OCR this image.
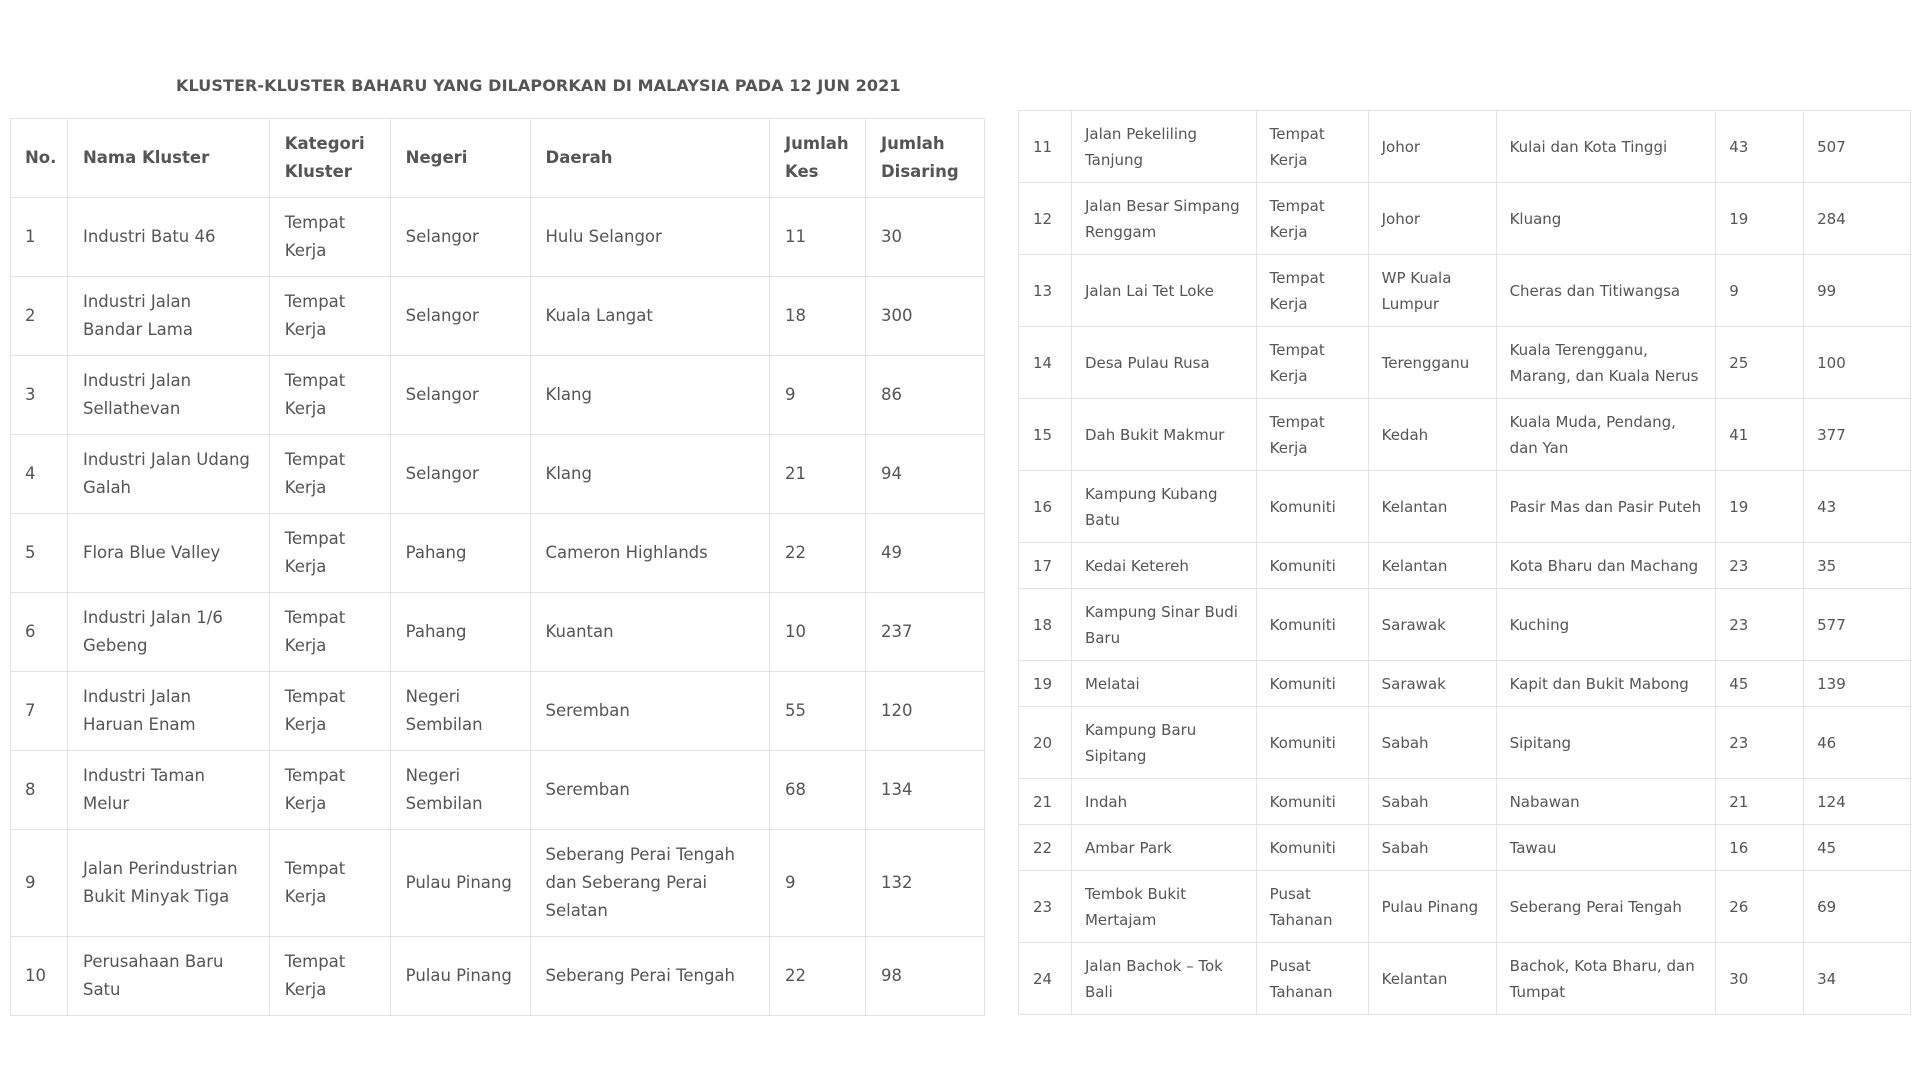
KLUSTER-KLUSTER BAHARU YANG DILAPORKAN DI MALAYSIA PADA 12 JUN 2021
No.	Nama Kluster	Kategori Kluster	Negeri	Daerah	Jumlah Kes	Jumlah Disaring
1	Industri Batu 46	Tempat Kerja	Selangor	Hulu Selangor	11	30
2	Industri Jalan Bandar Lama	Tempat Kerja	Selangor	Kuala Langat	18	300
3	Industri Jalan Sellathevan	Tempat Kerja	Selangor	Klang	9	86
4	Industri Jalan Udang Galah	Tempat Kerja	Selangor	Klang	21	94
5	Flora Blue Valley	Tempat Kerja	Pahang	Cameron Highlands	22	49
6	Industri Jalan 1/6 Gebeng	Tempat Kerja	Pahang	Kuantan	10	237
7	Industri Jalan Haruan Enam	Tempat Kerja	Negeri Sembilan	Seremban	55	120
8	Industri Taman Melur	Tempat Kerja	Negeri Sembilan	Seremban	68	134
9	Jalan Perindustrian Bukit Minyak Tiga	Tempat Kerja	Pulau Pinang	Seberang Perai Tengah dan Seberang Perai Selatan	9	132
10	Perusahaan Baru Satu	Tempat Kerja	Pulau Pinang	Seberang Perai Tengah	22	98
11	Jalan Pekeliling Tanjung	Tempat Kerja	Johor	Kulai dan Kota Tinggi	43	507
12	Jalan Besar Simpang Renggam	Tempat Kerja	Johor	Kluang	19	284
13	Jalan Lai Tet Loke	Tempat Kerja	WP Kuala Lumpur	Cheras dan Titiwangsa	9	99
14	Desa Pulau Rusa	Tempat Kerja	Terengganu	Kuala Terengganu, Marang, dan Kuala Nerus	25	100
15	Dah Bukit Makmur	Tempat Kerja	Kedah	Kuala Muda, Pendang, dan Yan	41	377
16	Kampung Kubang Batu	Komuniti	Kelantan	Pasir Mas dan Pasir Puteh	19	43
17	Kedai Ketereh	Komuniti	Kelantan	Kota Bharu dan Machang	23	35
18	Kampung Sinar Budi Baru	Komuniti	Sarawak	Kuching	23	577
19	Melatai	Komuniti	Sarawak	Kapit dan Bukit Mabong	45	139
20	Kampung Baru Sipitang	Komuniti	Sabah	Sipitang	23	46
21	Indah	Komuniti	Sabah	Nabawan	21	124
22	Ambar Park	Komuniti	Sabah	Tawau	16	45
23	Tembok Bukit Mertajam	Pusat Tahanan	Pulau Pinang	Seberang Perai Tengah	26	69
24	Jalan Bachok – Tok Bali	Pusat Tahanan	Kelantan	Bachok, Kota Bharu, dan Tumpat	30	34
